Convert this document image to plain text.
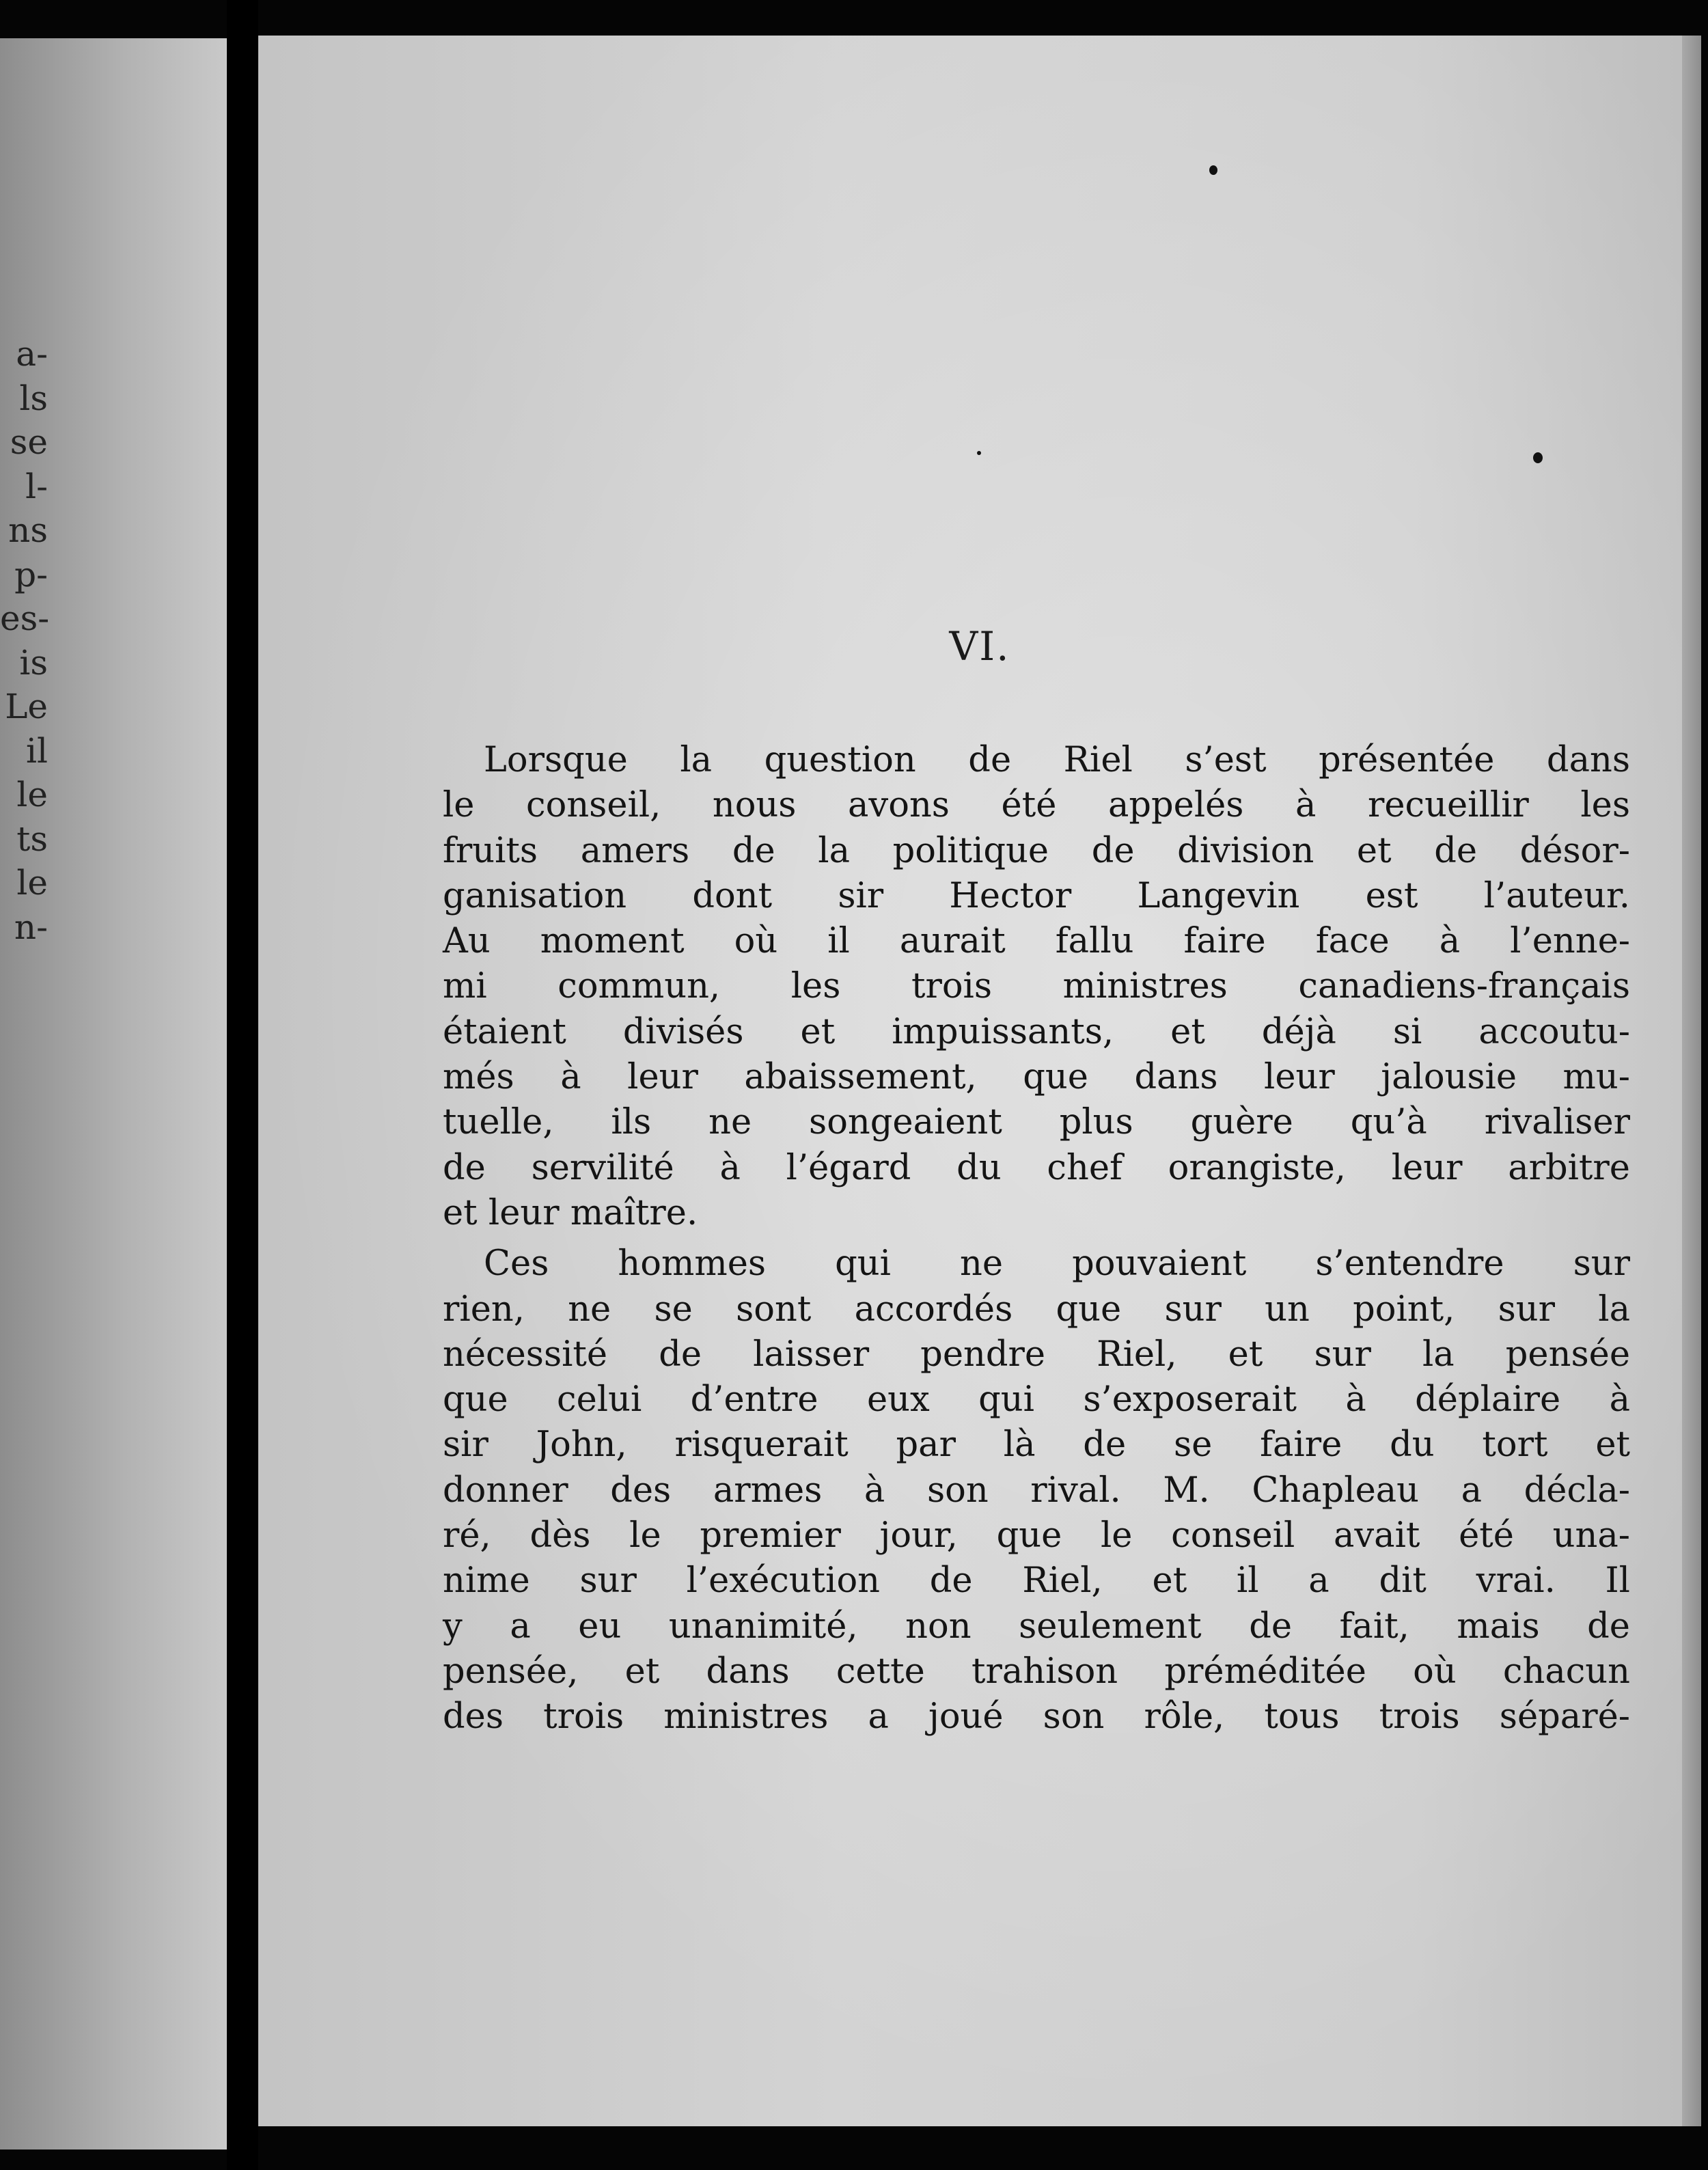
a-
ls
se
l-
ns
p-
es-
is
Le
il
le
ts
le
n-
VI.
Lorsque la question de Riel s’est présentée dans
le conseil, nous avons été appelés à recueillir les
fruits amers de la politique de division et de désor-
ganisation dont sir Hector Langevin est l’auteur.
Au moment où il aurait fallu faire face à l’enne-
mi commun, les trois ministres canadiens-français
étaient divisés et impuissants, et déjà si accoutu-
més à leur abaissement, que dans leur jalousie mu-
tuelle, ils ne songeaient plus guère qu’à rivaliser
de servilité à l’égard du chef orangiste, leur arbitre
et leur maître.
Ces hommes qui ne pouvaient s’entendre sur
rien, ne se sont accordés que sur un point, sur la
nécessité de laisser pendre Riel, et sur la pensée
que celui d’entre eux qui s’exposerait à déplaire à
sir John, risquerait par là de se faire du tort et
donner des armes à son rival. M. Chapleau a décla-
ré, dès le premier jour, que le conseil avait été una-
nime sur l’exécution de Riel, et il a dit vrai. Il
y a eu unanimité, non seulement de fait, mais de
pensée, et dans cette trahison préméditée où chacun
des trois ministres a joué son rôle, tous trois séparé-
